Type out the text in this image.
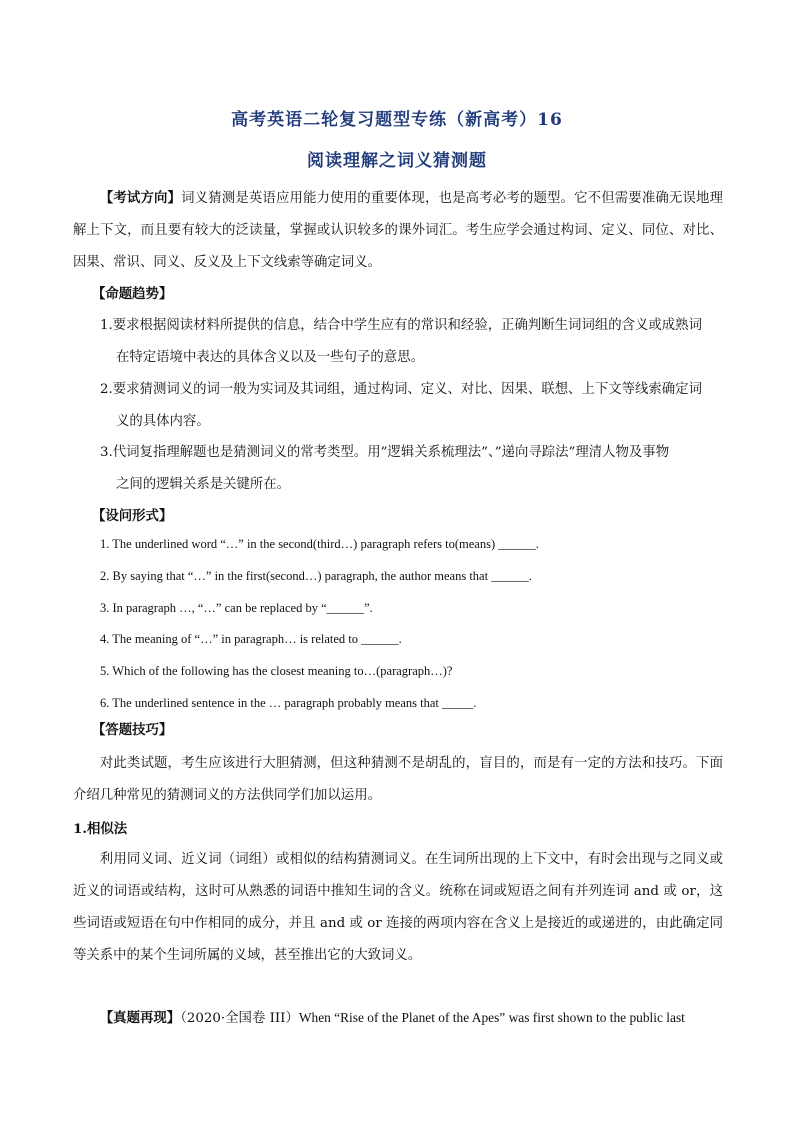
高考英语二轮复习题型专练（新高考）16
阅读理解之词义猜测题
【考试方向】词义猜测是英语应用能力使用的重要体现，也是高考必考的题型。它不但需要准确无误地理解上下文，而且要有较大的泛读量，掌握或认识较多的课外词汇。考生应学会通过构词、定义、同位、对比、因果、常识、同义、反义及上下文线索等确定词义。
【命题趋势】
1.要求根据阅读材料所提供的信息，结合中学生应有的常识和经验，正确判断生词词组的含义或成熟词
在特定语境中表达的具体含义以及一些句子的意思。
2.要求猜测词义的词一般为实词及其词组，通过构词、定义、对比、因果、联想、上下文等线索确定词
义的具体内容。
3.代词复指理解题也是猜测词义的常考类型。用”逻辑关系梳理法”、”递向寻踪法”理清人物及事物
之间的逻辑关系是关键所在。
【设问形式】
1. The underlined word “…” in the second(third…) paragraph refers to(means) ______.
2. By saying that “…” in the first(second…) paragraph, the author means that ______.
3. In paragraph …, “…” can be replaced by “______”.
4. The meaning of “…” in paragraph… is related to ______.
5. Which of the following has the closest meaning to…(paragraph…)?
6. The underlined sentence in the … paragraph probably means that _____.
【答题技巧】
对此类试题，考生应该进行大胆猜测，但这种猜测不是胡乱的，盲目的，而是有一定的方法和技巧。下面介绍几种常见的猜测词义的方法供同学们加以运用。
1.相似法
利用同义词、近义词（词组）或相似的结构猜测词义。在生词所出现的上下文中，有时会出现与之同义或近义的词语或结构，这时可从熟悉的词语中推知生词的含义。统称在词或短语之间有并列连词 and 或 or，这些词语或短语在句中作相同的成分，并且 and 或 or 连接的两项内容在含义上是接近的或递进的，由此确定同等关系中的某个生词所属的义域，甚至推出它的大致词义。
【真题再现】（2020·全国卷 III）When “Rise of the Planet of the Apes” was first shown to the public last
